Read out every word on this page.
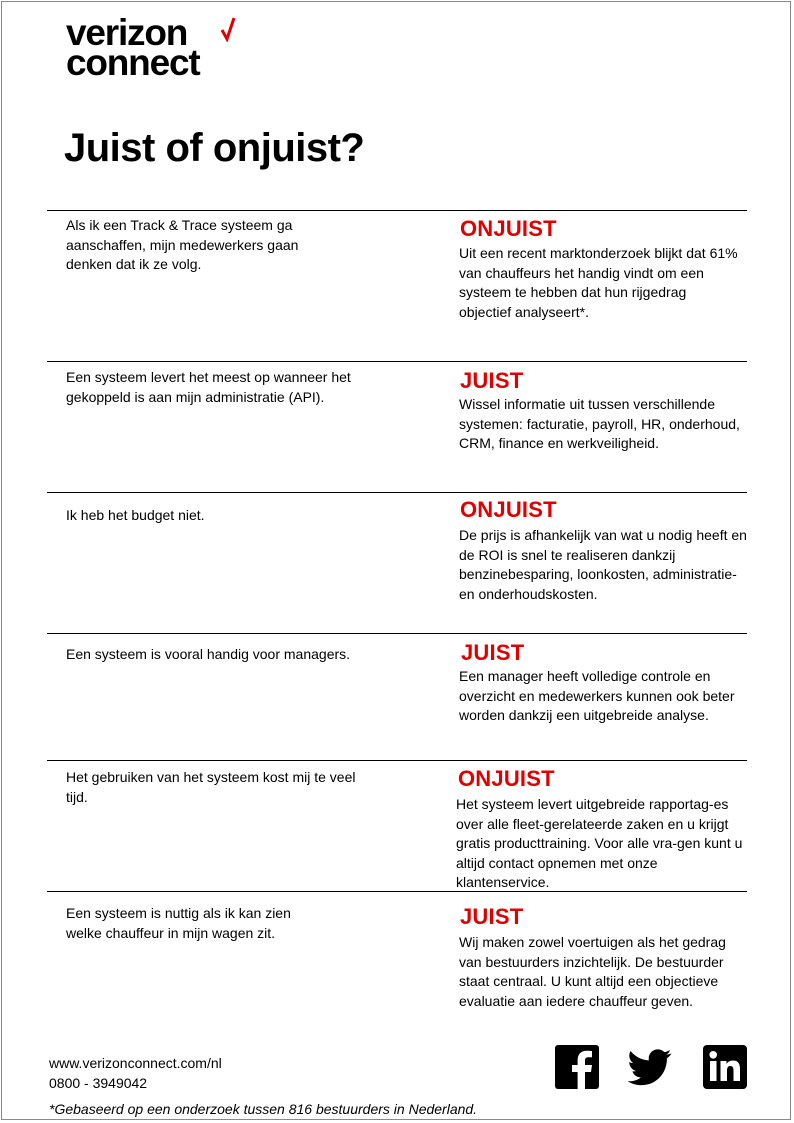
verizon
connect
Juist of onjuist?
Als ik een Track & Trace systeem ga aanschaffen, mijn medewerkers gaan denken dat ik ze volg.
ONJUIST
Uit een recent marktonderzoek blijkt dat 61% van chauffeurs het handig vindt om een systeem te hebben dat hun rijgedrag objectief analyseert*.
Een systeem levert het meest op wanneer het gekoppeld is aan mijn administratie (API).
JUIST
Wissel informatie uit tussen verschillende systemen: facturatie, payroll, HR, onderhoud, CRM, finance en werkveiligheid.
Ik heb het budget niet.	ONJUIST
De prijs is afhankelijk van wat u nodig heeft en de ROI is snel te realiseren dankzij benzinebesparing, loonkosten, administratie- en onderhoudskosten.
Een systeem is vooral handig voor managers.	JUIST
Een manager heeft volledige controle en overzicht en medewerkers kunnen ook beter worden dankzij een uitgebreide analyse.
Het gebruiken van het systeem kost mij te veel tijd.
ONJUIST
Het systeem levert uitgebreide rapportag-es over alle fleet-gerelateerde zaken en u krijgt gratis producttraining. Voor alle vra-gen kunt u altijd contact opnemen met onze klantenservice.
Een systeem is nuttig als ik kan zien welke chauffeur in mijn wagen zit.
JUIST
Wij maken zowel voertuigen als het gedrag van bestuurders inzichtelijk. De bestuurder staat centraal. U kunt altijd een objectieve evaluatie aan iedere chauffeur geven.
www.verizonconnect.com/nl
0800 - 3949042
*Gebaseerd op een onderzoek tussen 816 bestuurders in Nederland.
